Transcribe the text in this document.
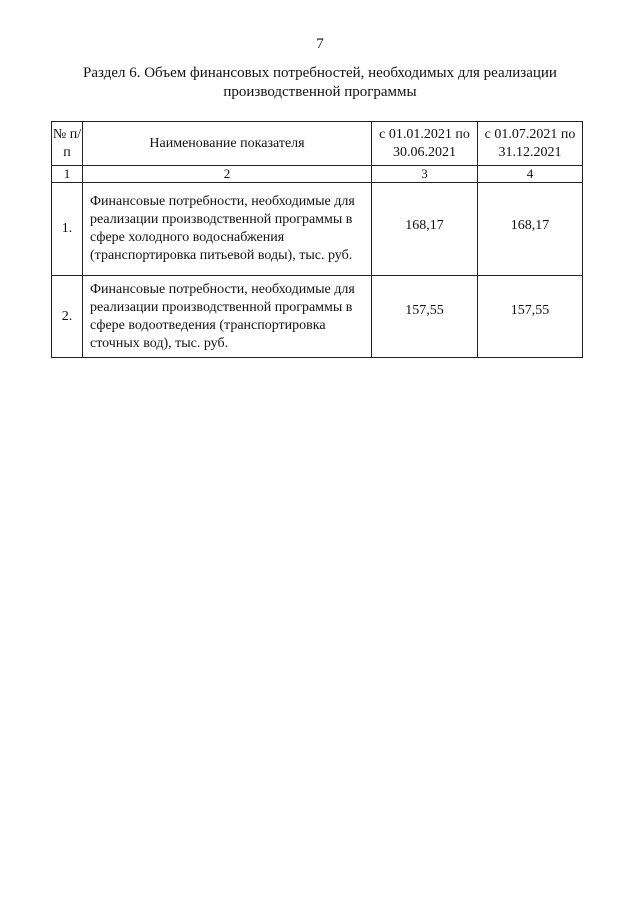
7
Раздел 6. Объем финансовых потребностей, необходимых для реализации
производственной программы
№ п/п	Наименование показателя	с 01.01.2021 по 30.06.2021	с 01.07.2021 по 31.12.2021
1	2	3	4
1.	Финансовые потребности, необходимые для реализации производственной программы в сфере холодного водоснабжения (транспортировка питьевой воды), тыс. руб.	168,17	168,17
2.	Финансовые потребности, необходимые для реализации производственной программы в сфере водоотведения (транспортировка сточных вод), тыс. руб.	157,55	157,55
